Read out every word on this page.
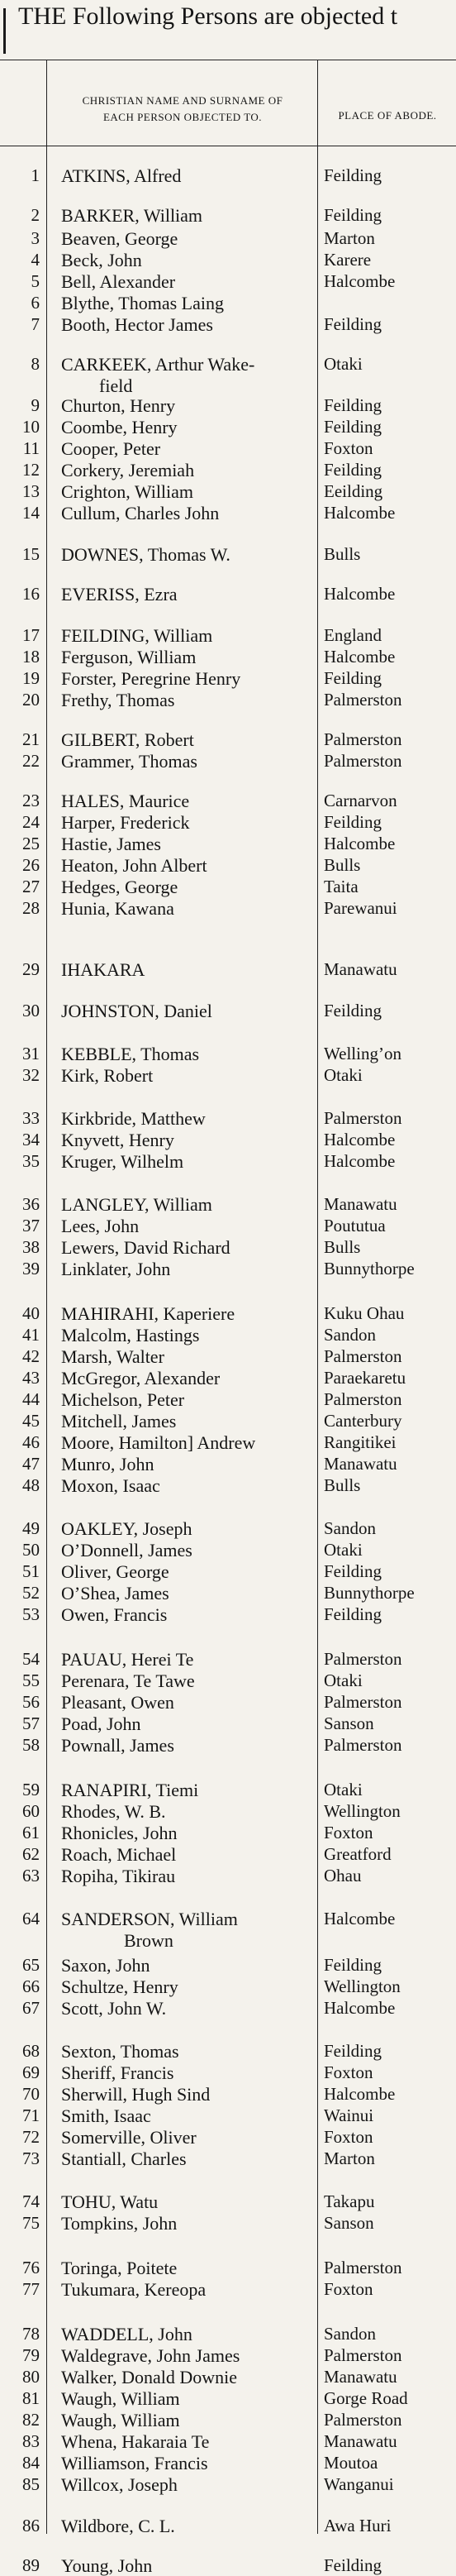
THE Following Persons are objected t
CHRISTIAN NAME AND SURNAME OF
EACH PERSON OBJECTED TO.	PLACE OF ABODE.
1 ATKINS, Alfred	Feilding
2 BARKER, William	Feilding
3 Beaven, George	Marton
4 Beck, John	Karere
5 Bell, Alexander	Halcombe
6 Blythe, Thomas Laing
7 Booth, Hector James	Feilding
8 CARKEEK, Arthur Wake-	Otaki
field
9 Churton, Henry	Feilding
10 Coombe, Henry	Feilding
11 Cooper, Peter	Foxton
12 Corkery, Jeremiah	Feilding
13 Crighton, William	Eeilding
14 Cullum, Charles John	Halcombe
15 DOWNES, Thomas W.	Bulls
16 EVERISS, Ezra	Halcombe
17 FEILDING, William	England
18 Ferguson, William	Halcombe
19 Forster, Peregrine Henry	Feilding
20 Frethy, Thomas	Palmerston
21 GILBERT, Robert	Palmerston
22 Grammer, Thomas	Palmerston
23 HALES, Maurice	Carnarvon
24 Harper, Frederick	Feilding
25 Hastie, James	Halcombe
26 Heaton, John Albert	Bulls
27 Hedges, George	Taita
28 Hunia, Kawana	Parewanui
29 IHAKARA	Manawatu
30 JOHNSTON, Daniel	Feilding
31 KEBBLE, Thomas	Welling’on
32 Kirk, Robert	Otaki
33 Kirkbride, Matthew	Palmerston
34 Knyvett, Henry	Halcombe
35 Kruger, Wilhelm	Halcombe
36 LANGLEY, William	Manawatu
37 Lees, John	Poututua
38 Lewers, David Richard	Bulls
39 Linklater, John	Bunnythorpe
40 MAHIRAHI, Kaperiere	Kuku Ohau
41 Malcolm, Hastings	Sandon
42 Marsh, Walter	Palmerston
43 McGregor, Alexander	Paraekaretu
44 Michelson, Peter	Palmerston
45 Mitchell, James	Canterbury
46 Moore, Hamilton] Andrew	Rangitikei
47 Munro, John	Manawatu
48 Moxon, Isaac	Bulls
49 OAKLEY, Joseph	Sandon
50 O’Donnell, James	Otaki
51 Oliver, George	Feilding
52 O’Shea, James	Bunnythorpe
53 Owen, Francis	Feilding
54 PAUAU, Herei Te	Palmerston
55 Perenara, Te Tawe	Otaki
56 Pleasant, Owen	Palmerston
57 Poad, John	Sanson
58 Pownall, James	Palmerston
59 RANAPIRI, Tiemi	Otaki
60 Rhodes, W. B.	Wellington
61 Rhonicles, John	Foxton
62 Roach, Michael	Greatford
63 Ropiha, Tikirau	Ohau
64 SANDERSON, William	Halcombe
Brown
65 Saxon, John	Feilding
66 Schultze, Henry	Wellington
67 Scott, John W.	Halcombe
68 Sexton, Thomas	Feilding
69 Sheriff, Francis	Foxton
70 Sherwill, Hugh Sind	Halcombe
71 Smith, Isaac	Wainui
72 Somerville, Oliver	Foxton
73 Stantiall, Charles	Marton
74 TOHU, Watu	Takapu
75 Tompkins, John	Sanson
76 Toringa, Poitete	Palmerston
77 Tukumara, Kereopa	Foxton
78 WADDELL, John	Sandon
79 Waldegrave, John James	Palmerston
80 Walker, Donald Downie	Manawatu
81 Waugh, William	Gorge Road
82 Waugh, William	Palmerston
83 Whena, Hakaraia Te	Manawatu
84 Williamson, Francis	Moutoa
85 Willcox, Joseph	Wanganui
86 Wildbore, C. L.	Awa Huri
89 Young, John	Feilding
